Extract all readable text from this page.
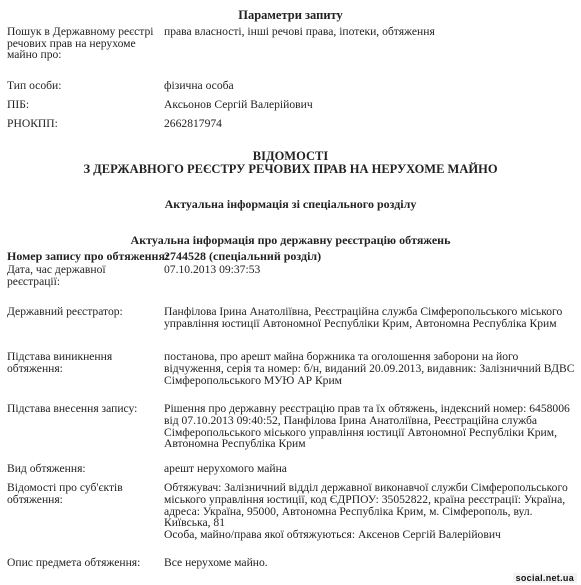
Параметри запиту
Пошук в Державному реєстрі речових прав на нерухоме майно про:
права власності, інші речові права, іпотеки, обтяження
Тип особи:	фізична особа
ПІБ:	Аксьонов Сергій Валерійович
РНОКПП:	2662817974
ВІДОМОСТІ
З ДЕРЖАВНОГО РЕЄСТРУ РЕЧОВИХ ПРАВ НА НЕРУХОМЕ МАЙНО
Актуальна інформація зі спеціального розділу
Актуальна інформація про державну реєстрацію обтяжень
Номер запису про обтяження:
2744528 (спеціальний розділ)
Дата, час державної реєстрації:
07.10.2013 09:37:53
Державний реєстратор:	Панфілова Ірина Анатоліївна, Реєстраційна служба Сімферопольського міського управління юстиції Автономної Республіки Крим, Автономна Республіка Крим
Підстава виникнення обтяження:
постанова, про арешт майна боржника та оголошення заборони на його відчуження, серія та номер: б/н, виданий 20.09.2013, видавник: Залізничний ВДВС Сімферопольського МУЮ АР Крим
Підстава внесення запису:	Рішення про державну реєстрацію прав та їх обтяжень, індексний номер: 6458006 від 07.10.2013 09:40:52, Панфілова Ірина Анатоліївна, Реєстраційна служба Сімферопольського міського управління юстиції Автономної Республіки Крим, Автономна Республіка Крим
Вид обтяження:	арешт нерухомого майна
Відомості про суб'єктів обтяження:
Обтяжувач: Залізничний відділ державної виконавчої служби Сімферопольського міського управління юстиції, код ЄДРПОУ: 35052822, країна реєстрації: Україна, адреса: Україна, 95000, Автономна Республіка Крим, м. Сімферополь, вул. Київська, 81
Особа, майно/права якої обтяжуються: Аксенов Сергій Валерійович
Опис предмета обтяження:	Все нерухоме майно.
social.net.ua
